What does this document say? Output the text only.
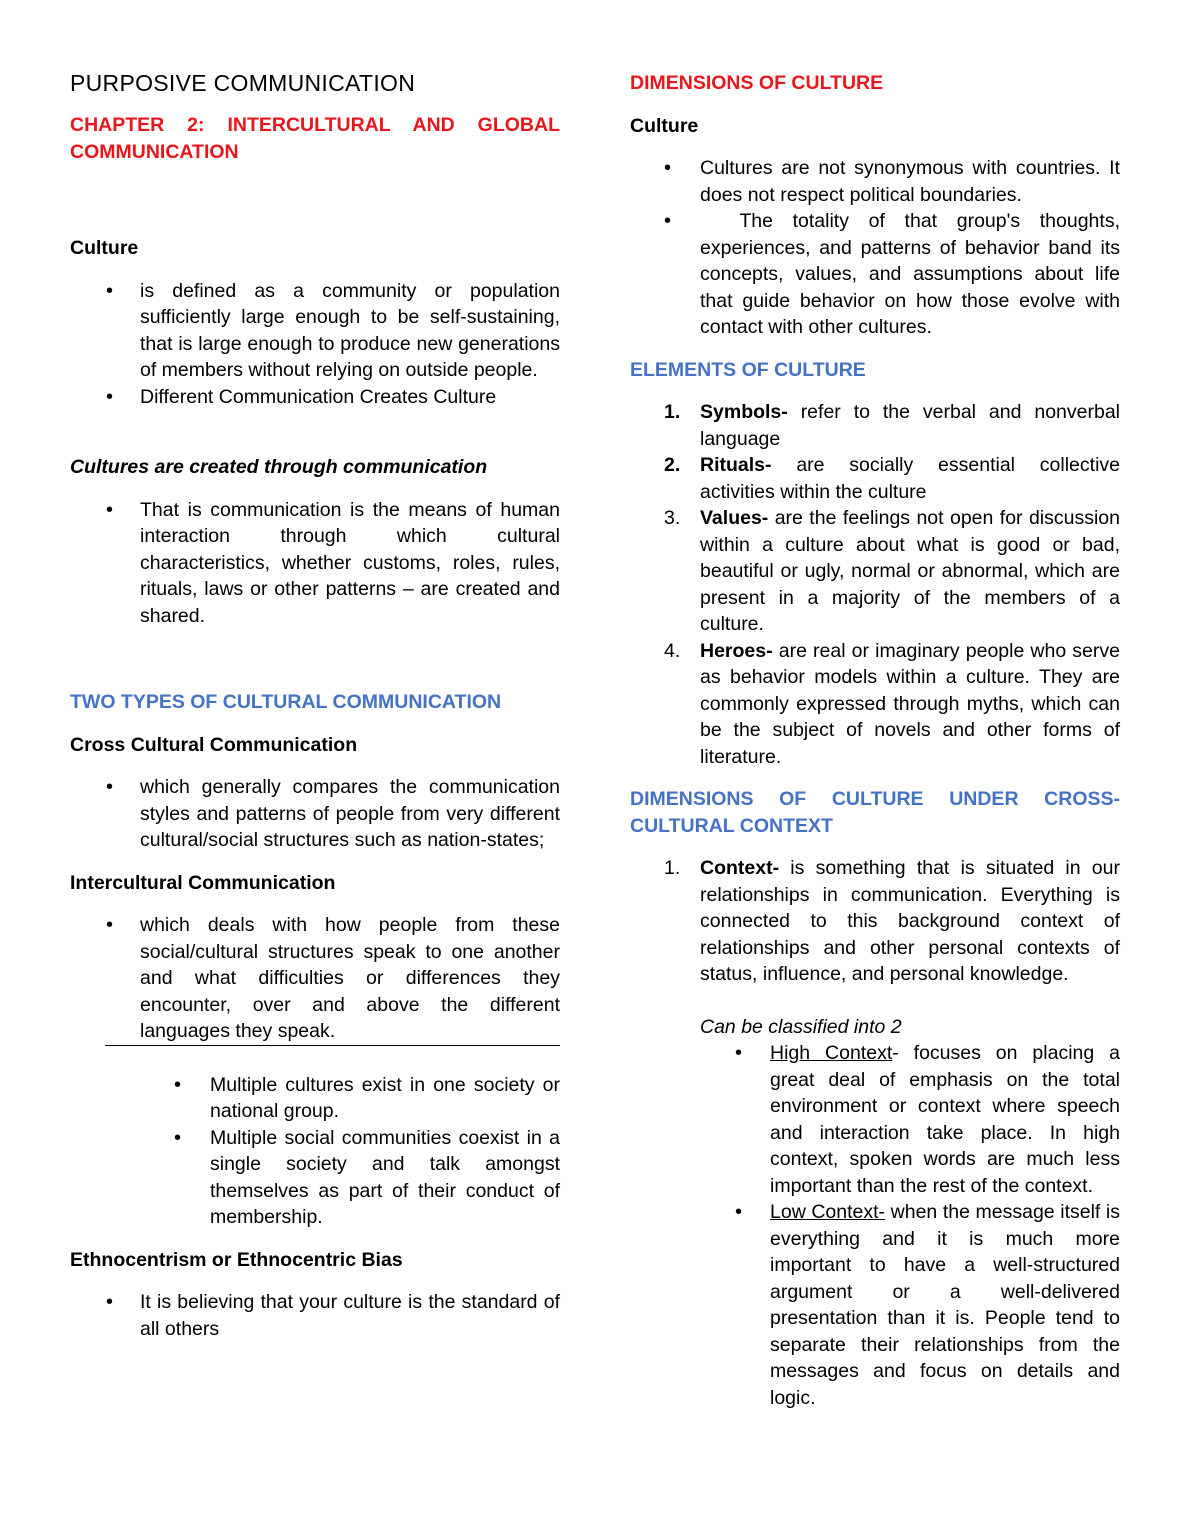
PURPOSIVE COMMUNICATION
CHAPTER 2: INTERCULTURAL AND GLOBAL
COMMUNICATION
Culture
•
is defined as a community or population sufficiently large enough to be self-sustaining, that is large enough to produce new generations of members without relying on outside people.
•
Different Communication Creates Culture
Cultures are created through communication
•
That is communication is the means of human interaction through which cultural characteristics, whether customs, roles, rules, rituals, laws or other patterns – are created and shared.
TWO TYPES OF CULTURAL COMMUNICATION
Cross Cultural Communication
•
which generally compares the communication styles and patterns of people from very different cultural/social structures such as nation-states;
Intercultural Communication
•
which deals with how people from these social/cultural structures speak to one another and what difficulties or differences they encounter, over and above the different languages they speak.
•
Multiple cultures exist in one society or national group.
•
Multiple social communities coexist in a single society and talk amongst themselves as part of their conduct of membership.
Ethnocentrism or Ethnocentric Bias
•
It is believing that your culture is the standard of all others
DIMENSIONS OF CULTURE
Culture
•
Cultures are not synonymous with countries. It does not respect political boundaries.
•
The totality of that group's thoughts, experiences, and patterns of behavior band its concepts, values, and assumptions about life that guide behavior on how those evolve with contact with other cultures.
ELEMENTS OF CULTURE
1. Symbols- refer to the verbal and nonverbal language
2. Rituals- are socially essential collective activities within the culture
3. Values- are the feelings not open for discussion within a culture about what is good or bad, beautiful or ugly, normal or abnormal, which are present in a majority of the members of a culture.
4. Heroes- are real or imaginary people who serve as behavior models within a culture. They are commonly expressed through myths, which can be the subject of novels and other forms of literature.
DIMENSIONS OF CULTURE UNDER CROSS-CULTURAL CONTEXT
1. Context- is something that is situated in our relationships in communication. Everything is connected to this background context of relationships and other personal contexts of status, influence, and personal knowledge.
Can be classified into 2
•
High Context- focuses on placing a great deal of emphasis on the total environment or context where speech and interaction take place. In high context, spoken words are much less important than the rest of the context.
•
Low Context- when the message itself is everything and it is much more important to have a well-structured argument or a well-delivered presentation than it is. People tend to separate their relationships from the messages and focus on details and logic.
